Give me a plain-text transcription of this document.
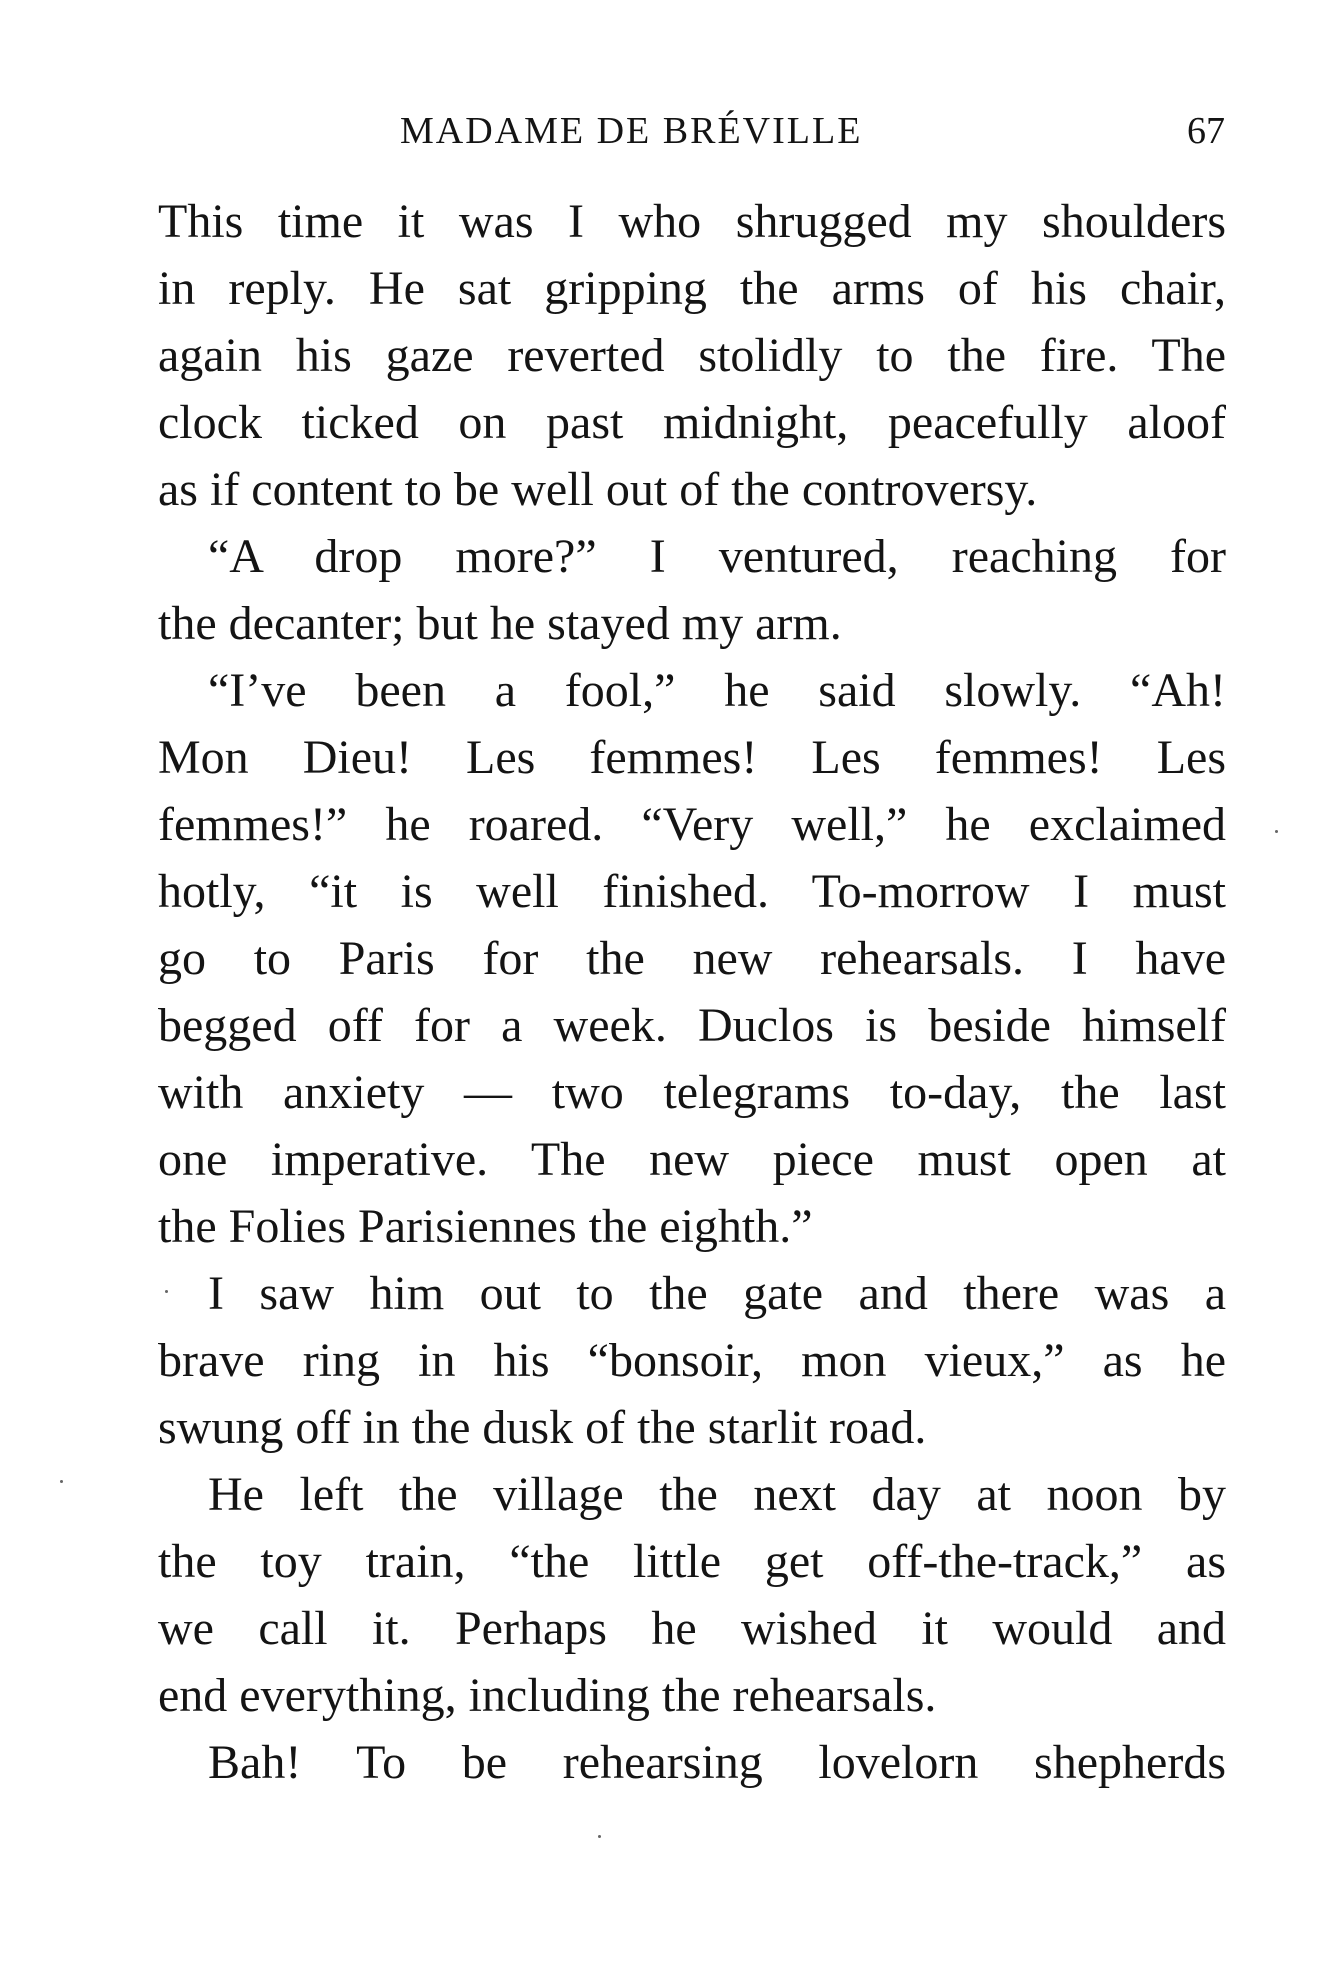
MADAME DE BRÉVILLE	67
This time it was I who shrugged my shoulders
in reply. He sat gripping the arms of his chair,
again his gaze reverted stolidly to the fire. The
clock ticked on past midnight, peacefully aloof
as if content to be well out of the controversy.
“A drop more?” I ventured, reaching for
the decanter; but he stayed my arm.
“I’ve been a fool,” he said slowly. “Ah!
Mon Dieu! Les femmes! Les femmes! Les
femmes!” he roared. “Very well,” he exclaimed
hotly, “it is well finished. To-morrow I must
go to Paris for the new rehearsals. I have
begged off for a week. Duclos is beside himself
with anxiety — two telegrams to-day, the last
one imperative. The new piece must open at
the Folies Parisiennes the eighth.”
I saw him out to the gate and there was a
brave ring in his “bonsoir, mon vieux,” as he
swung off in the dusk of the starlit road.
He left the village the next day at noon by
the toy train, “the little get off-the-track,” as
we call it. Perhaps he wished it would and
end everything, including the rehearsals.
Bah! To be rehearsing lovelorn shepherds
